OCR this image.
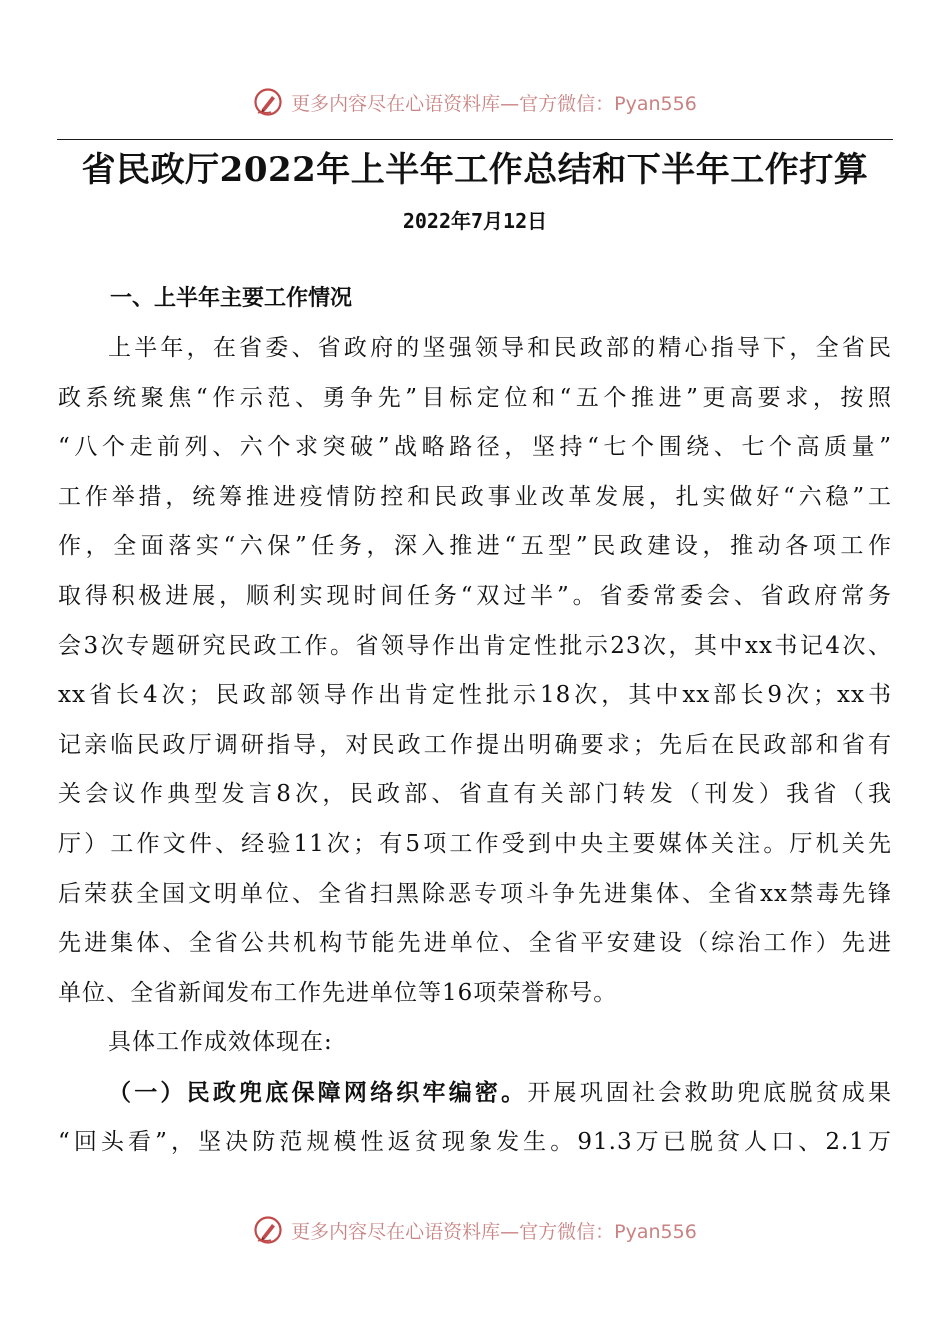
更多内容尽在心语资料库—官方微信：Pyan556
省民政厅2022年上半年工作总结和下半年工作打算
2022年7月12日
一、上半年主要工作情况
上半年，在省委、省政府的坚强领导和民政部的精心指导下，全省民
政系统聚焦“作示范、勇争先”目标定位和“五个推进”更高要求，按照
“八个走前列、六个求突破”战略路径，坚持“七个围绕、七个高质量”
工作举措，统筹推进疫情防控和民政事业改革发展，扎实做好“六稳”工
作，全面落实“六保”任务，深入推进“五型”民政建设，推动各项工作
取得积极进展，顺利实现时间任务“双过半”。省委常委会、省政府常务
会3次专题研究民政工作。省领导作出肯定性批示23次，其中xx书记4次、
xx省长4次；民政部领导作出肯定性批示18次，其中xx部长9次；xx书
记亲临民政厅调研指导，对民政工作提出明确要求；先后在民政部和省有
关会议作典型发言8次，民政部、省直有关部门转发（刊发）我省（我
厅）工作文件、经验11次；有5项工作受到中央主要媒体关注。厅机关先
后荣获全国文明单位、全省扫黑除恶专项斗争先进集体、全省xx禁毒先锋
先进集体、全省公共机构节能先进单位、全省平安建设（综治工作）先进
单位、全省新闻发布工作先进单位等16项荣誉称号。
具体工作成效体现在:
（一）民政兜底保障网络织牢编密。开展巩固社会救助兜底脱贫成果
“回头看”，坚决防范规模性返贫现象发生。91.3万已脱贫人口、2.1万
更多内容尽在心语资料库—官方微信：Pyan556
